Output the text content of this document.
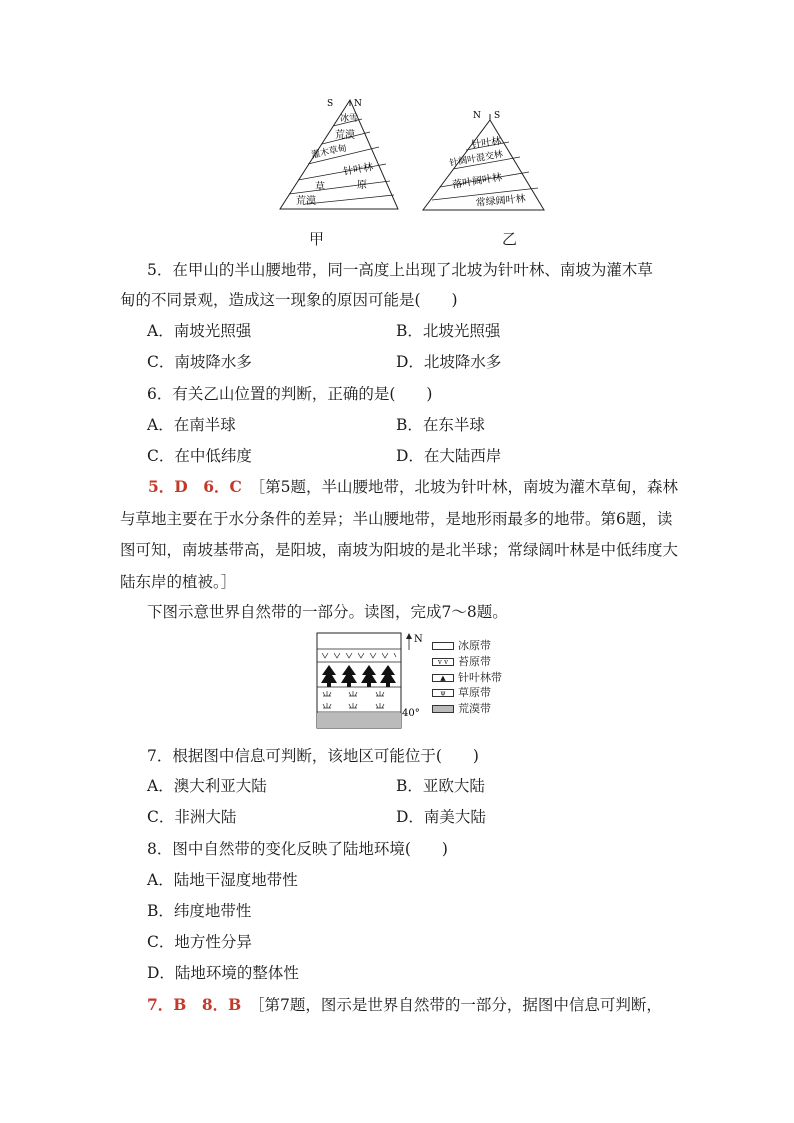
S N
冰雪
荒漠
灌木草甸
针叶林
草	原
荒漠
N S
针叶林
针阔叶混交林
落叶阔叶林
常绿阔叶林
甲	乙
5．在甲山的半山腰地带，同一高度上出现了北坡为针叶林、南坡为灌木草
甸的不同景观，造成这一现象的原因可能是(　　)
A．南坡光照强	B．北坡光照强
C．南坡降水多	D．北坡降水多
6．有关乙山位置的判断，正确的是(　　)
A．在南半球	B．在东半球
C．在中低纬度	D．在大陆西岸
5．D　6．C　 ［第5题，半山腰地带，北坡为针叶林，南坡为灌木草甸，森林与草地主要在于水分条件的差异；半山腰地带，是地形雨最多的地带。第6题，读图可知，南坡基带高，是阳坡，南坡为阳坡的是北半球；常绿阔叶林是中低纬度大陆东岸的植被。］
下图示意世界自然带的一部分。读图，完成7～8题。
N
40°
冰原带
v v 苔原带
▲	针叶林带
ψ	草原带
荒漠带
7．根据图中信息可判断，该地区可能位于(　　)
A．澳大利亚大陆	B．亚欧大陆
C．非洲大陆	D．南美大陆
8．图中自然带的变化反映了陆地环境(　　)
A．陆地干湿度地带性
B．纬度地带性
C．地方性分异
D．陆地环境的整体性
7．B　8．B　 ［第7题，图示是世界自然带的一部分，据图中信息可判断，
